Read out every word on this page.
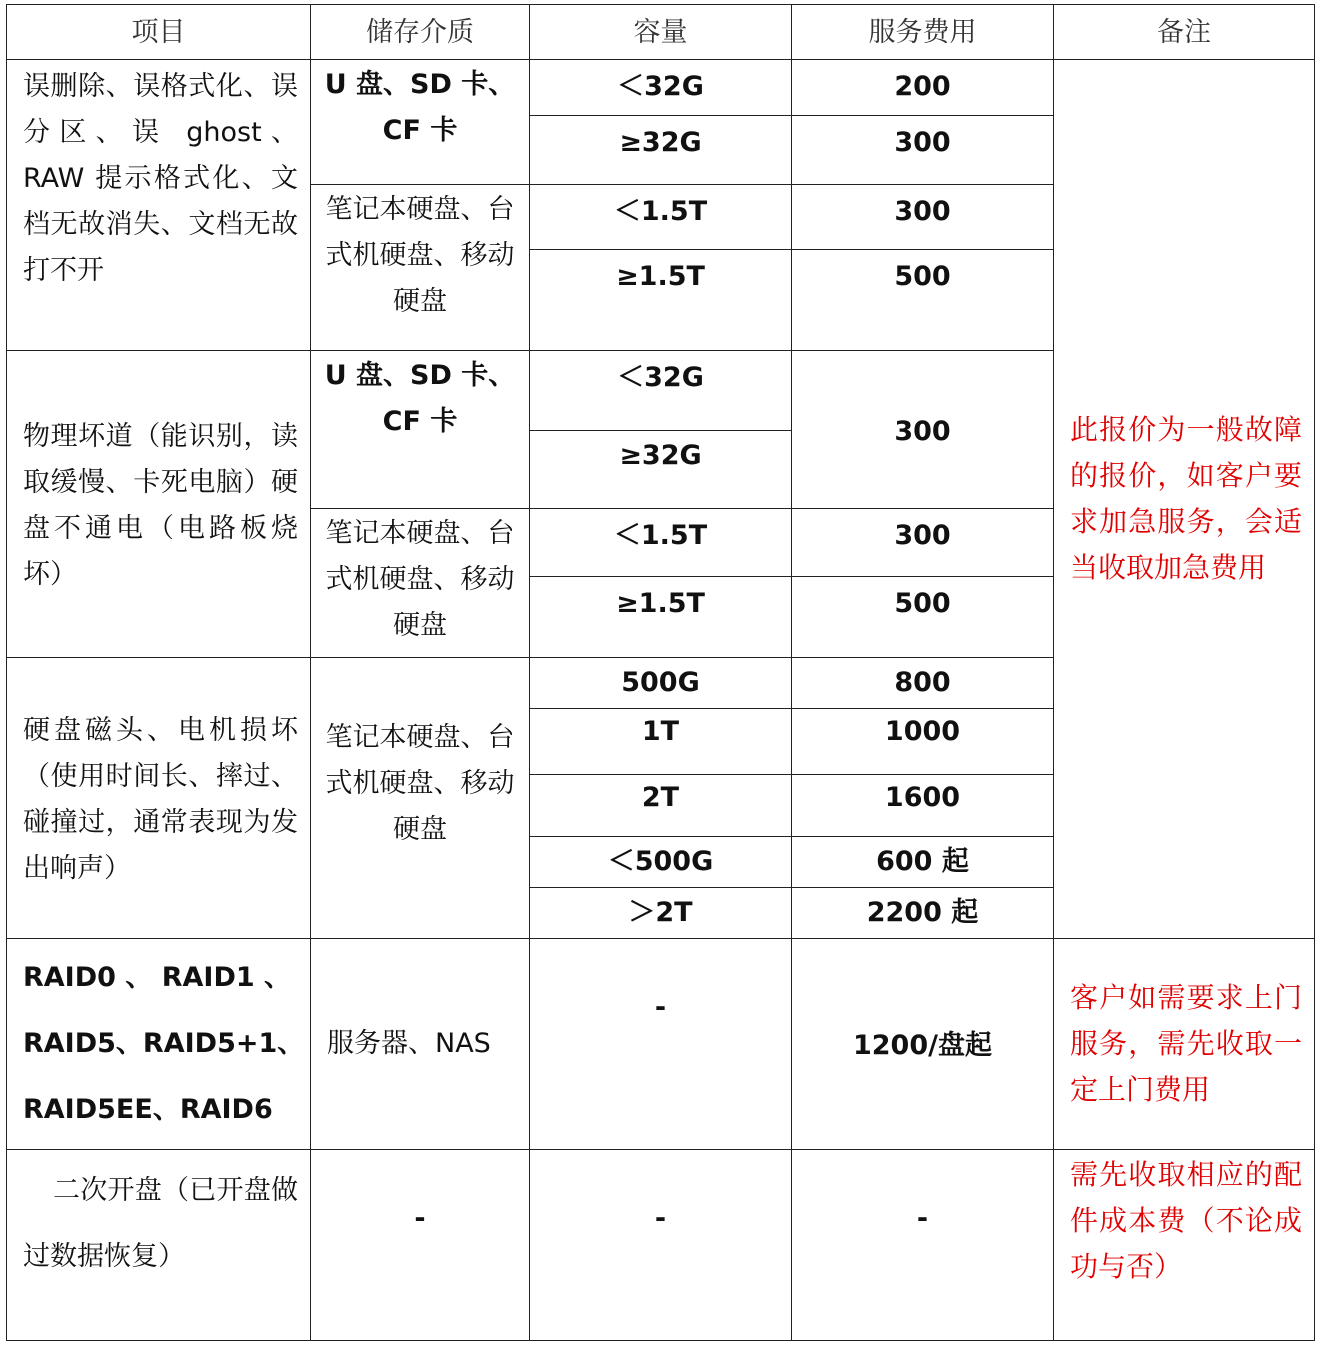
项目	储存介质	容量	服务费用	备注
误删除、误格式化、误分区、误 ghost、RAW 提示格式化、文档无故消失、文档无故打不开	U 盘、SD 卡、CF 卡	＜32G	200	此报价为一般故障的报价，如客户要求加急服务，会适当收取加急费用
		≥32G	300	
	笔记本硬盘、台式机硬盘、移动硬盘	＜1.5T	300	
		≥1.5T	500	
物理坏道（能识别，读取缓慢、卡死电脑）硬盘不通电（电路板烧坏）	U 盘、SD 卡、CF 卡	＜32G	300	
		≥32G		
	笔记本硬盘、台式机硬盘、移动硬盘	＜1.5T	300	
		≥1.5T	500	
硬盘磁头、电机损坏（使用时间长、摔过、碰撞过，通常表现为发出响声）	笔记本硬盘、台式机硬盘、移动硬盘	500G	800	
		1T	1000	
		2T	1600	
		＜500G	600 起	
		＞2T	2200 起	

RAID0 、 RAID1 、
RAID5、RAID5+1、
RAID5EE、RAID6	服务器、NAS	-	1200/盘起	客户如需要求上门服务，需先收取一定上门费用
二次开盘（已开盘做过数据恢复）	-	-	-	需先收取相应的配件成本费（不论成功与否）
